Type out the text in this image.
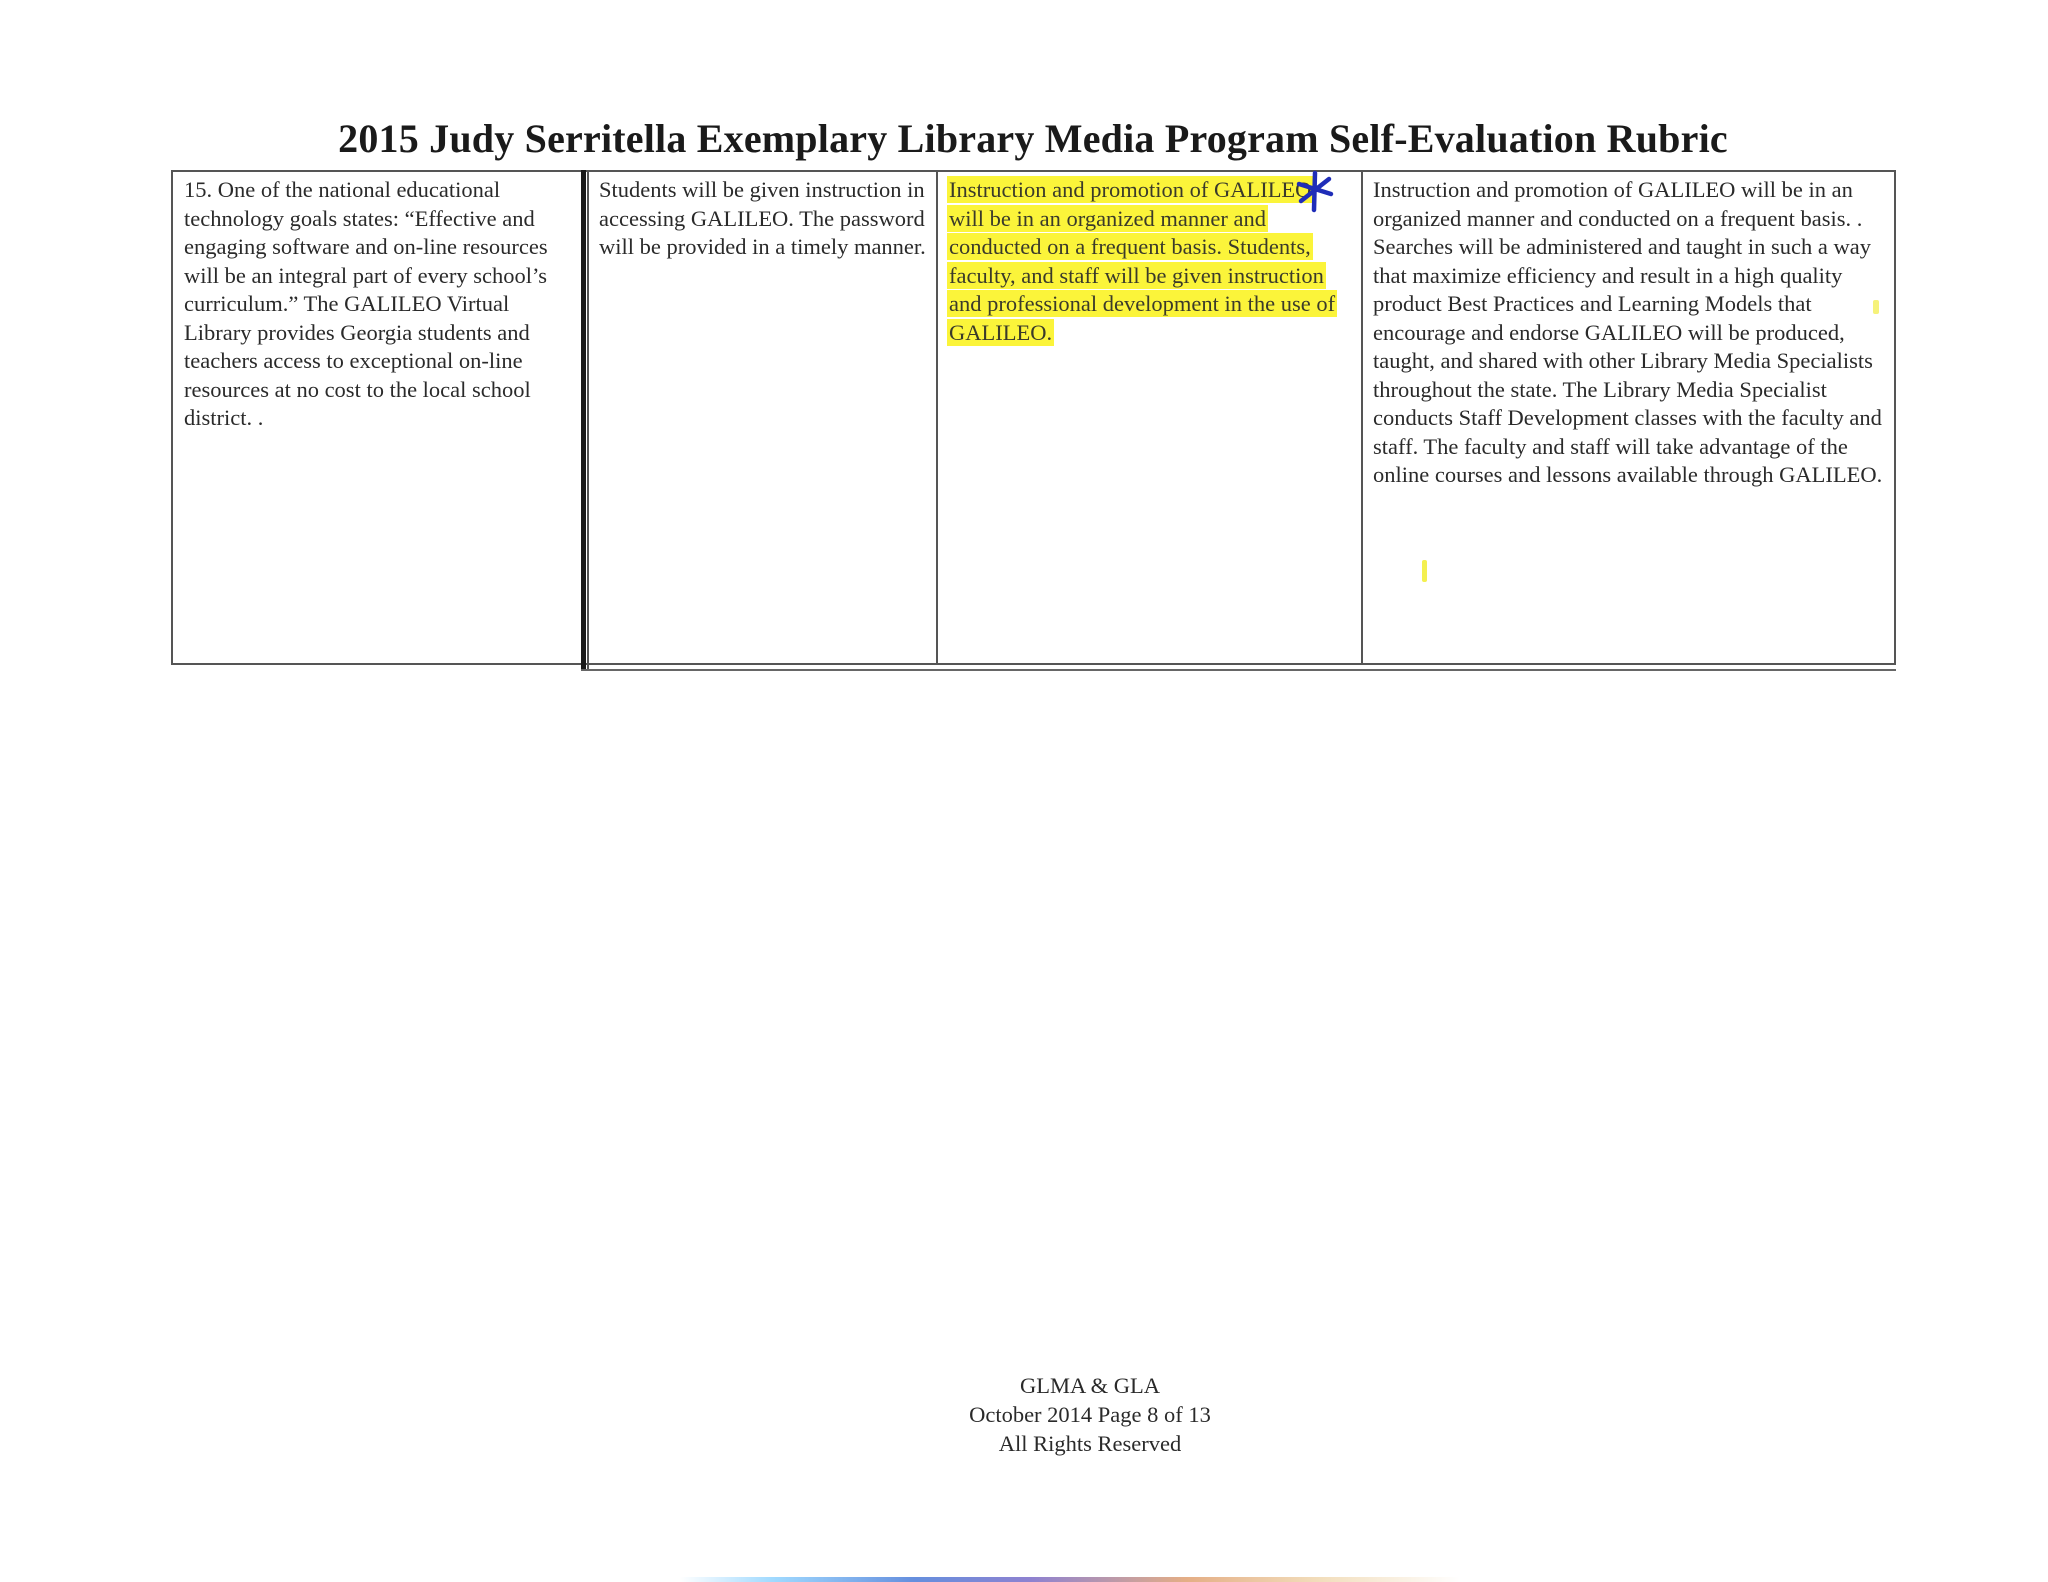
2015 Judy Serritella Exemplary Library Media Program Self-Evaluation Rubric
15. One of the national educational technology goals states: “Effective and engaging software and on-line resources will be an integral part of every school’s curriculum.” The GALILEO Virtual Library provides Georgia students and teachers access to exceptional on-line resources at no cost to the local school district. .
Students will be given instruction in accessing GALILEO. The password will be provided in a timely manner.
Instruction and promotion of GALILEO will be in an organized manner and conducted on a frequent basis. Students, faculty, and staff will be given instruction and professional development in the use of GALILEO.
Instruction and promotion of GALILEO will be in an organized manner and conducted on a frequent basis. . Searches will be administered and taught in such a way that maximize efficiency and result in a high quality product Best Practices and Learning Models that encourage and endorse GALILEO will be produced, taught, and shared with other Library Media Specialists throughout the state. The Library Media Specialist conducts Staff Development classes with the faculty and staff. The faculty and staff will take advantage of the online courses and lessons available through GALILEO.
GLMA & GLA
October 2014 Page 8 of 13
All Rights Reserved
